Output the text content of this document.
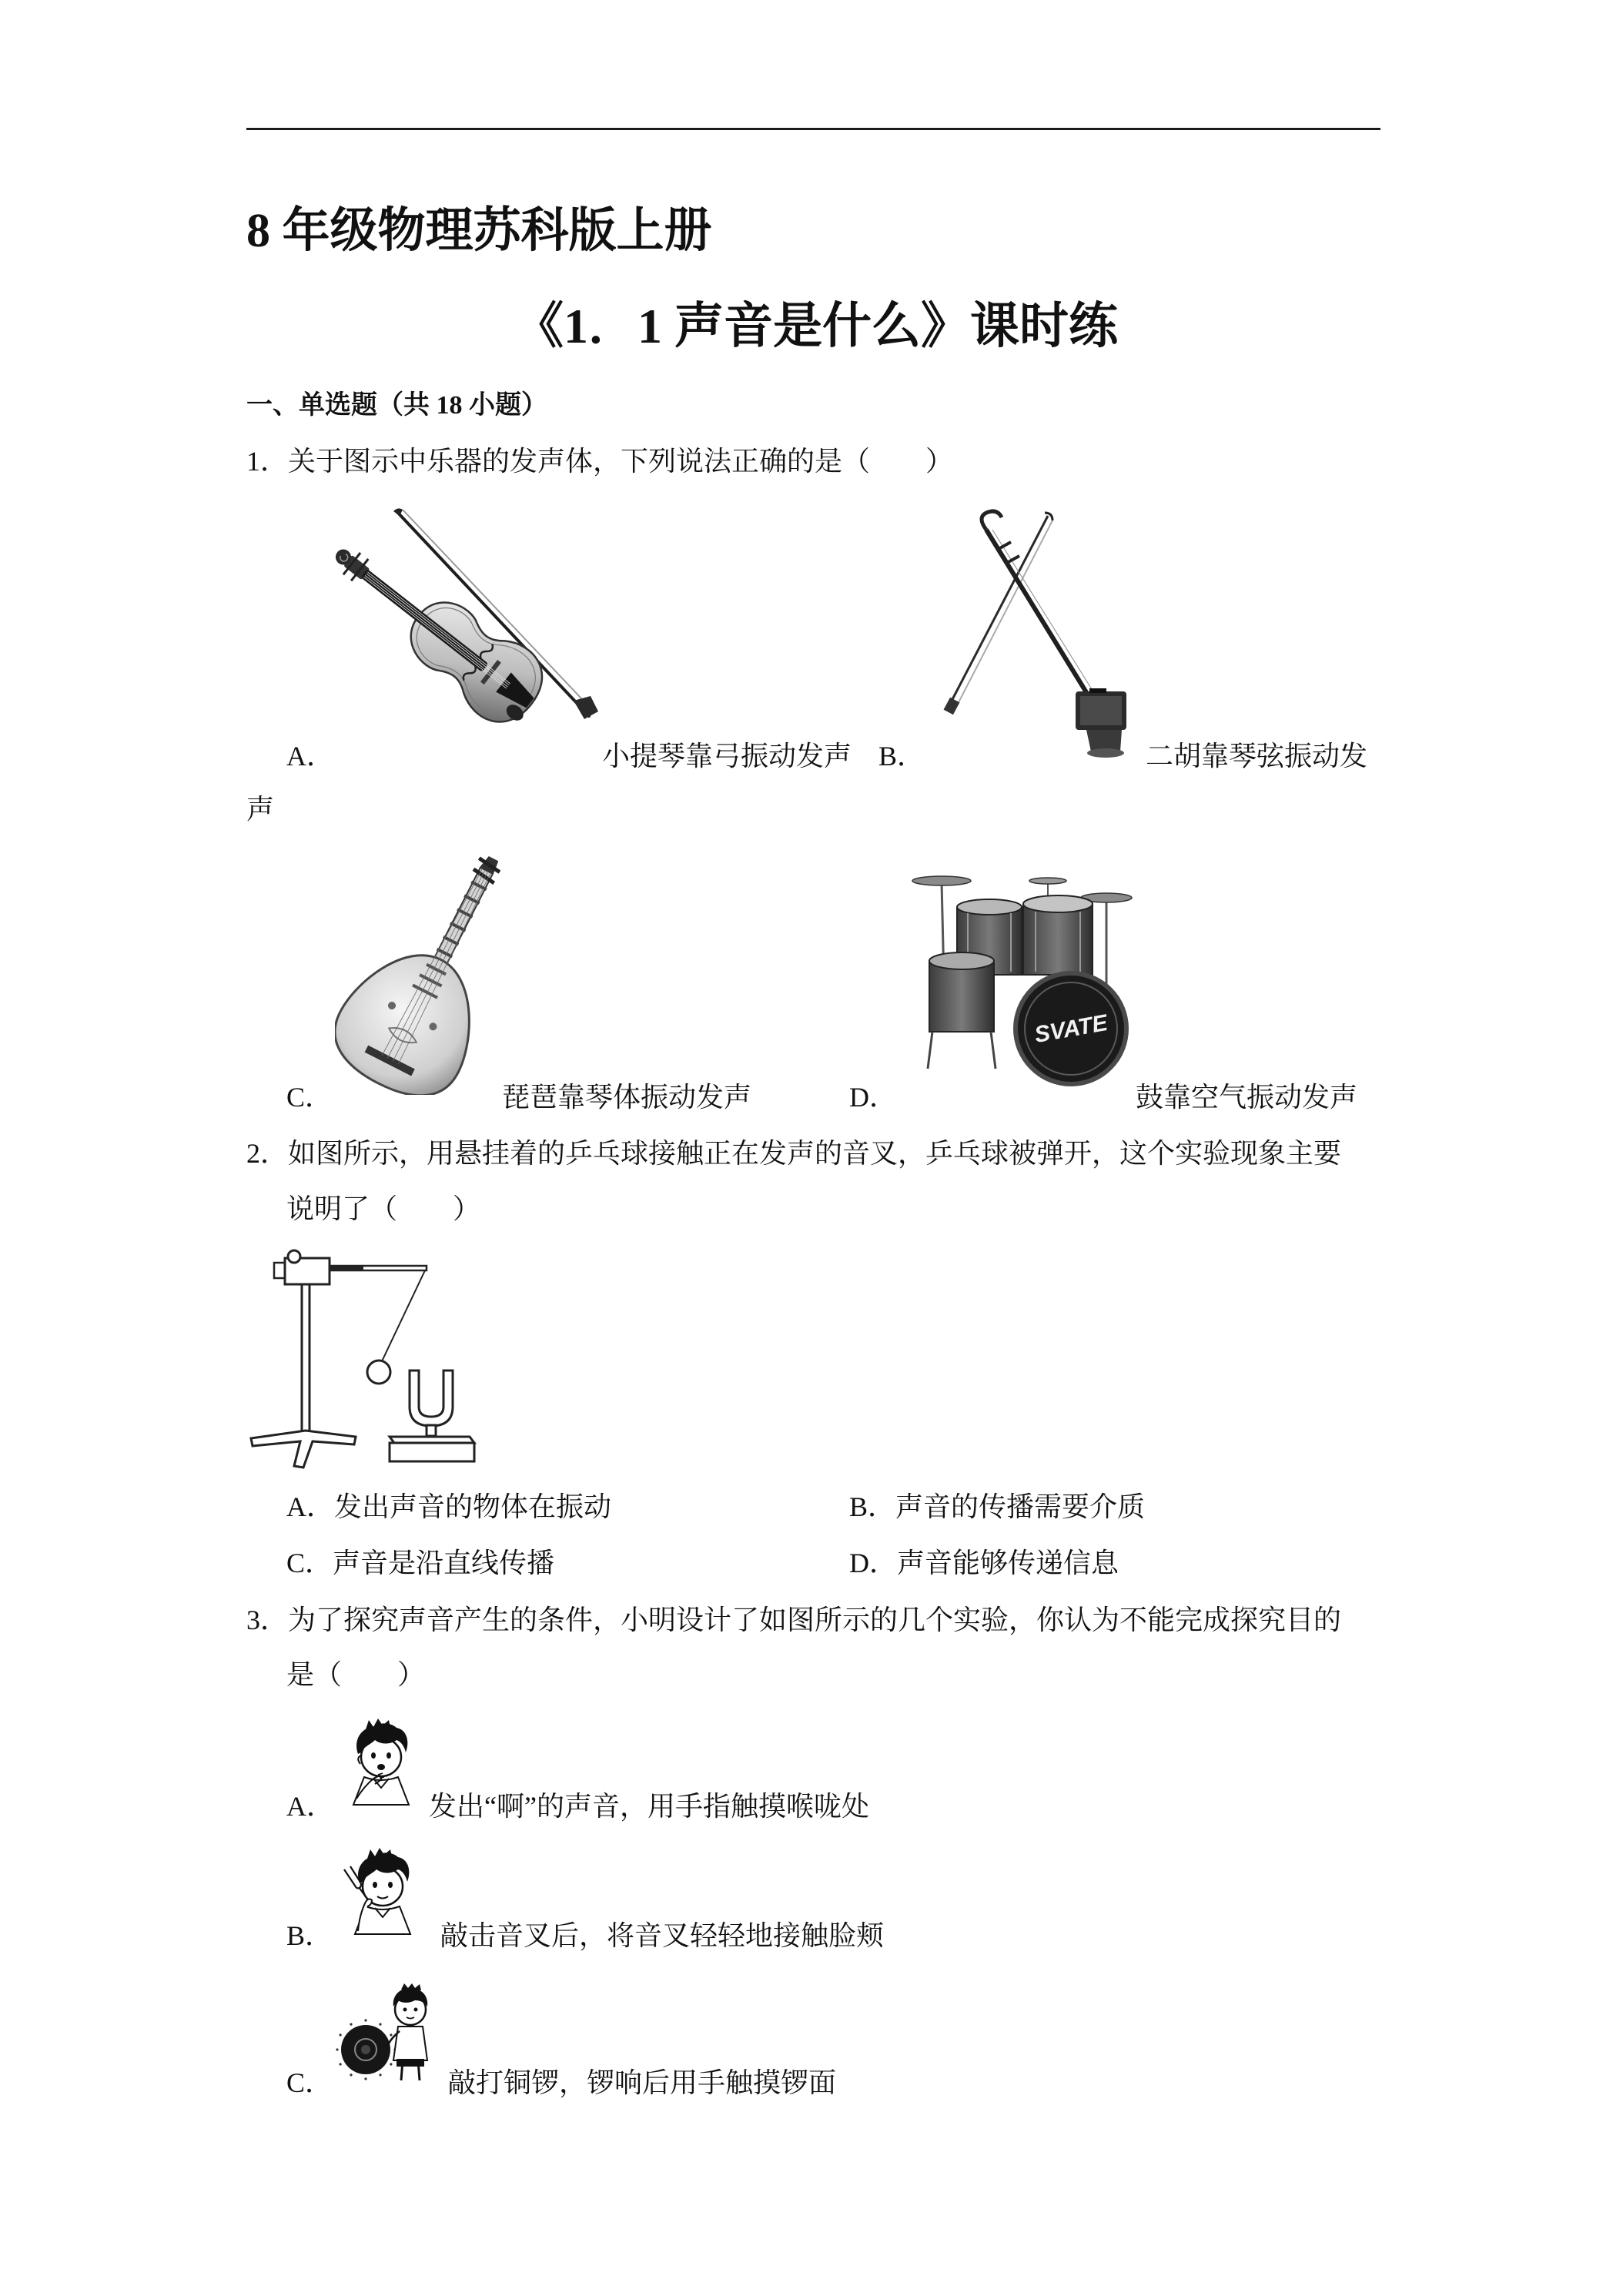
8 年级物理苏科版上册
《1．1 声音是什么》课时练
一、单选题（共 18 小题）
1．关于图示中乐器的发声体，下列说法正确的是（　　）
A．	小提琴靠弓振动发声 B．	二胡靠琴弦振动发
声
C．	琵琶靠琴体振动发声	D．
SVATE
鼓靠空气振动发声
2．如图所示，用悬挂着的乒乓球接触正在发声的音叉，乒乓球被弹开，这个实验现象主要
说明了（　　）
A．发出声音的物体在振动	B．声音的传播需要介质
C．声音是沿直线传播	D．声音能够传递信息
3．为了探究声音产生的条件，小明设计了如图所示的几个实验，你认为不能完成探究目的
是（　　）
A．	发出“啊”的声音，用手指触摸喉咙处
B．	敲击音叉后，将音叉轻轻地接触脸颊
C．	敲打铜锣，锣响后用手触摸锣面
